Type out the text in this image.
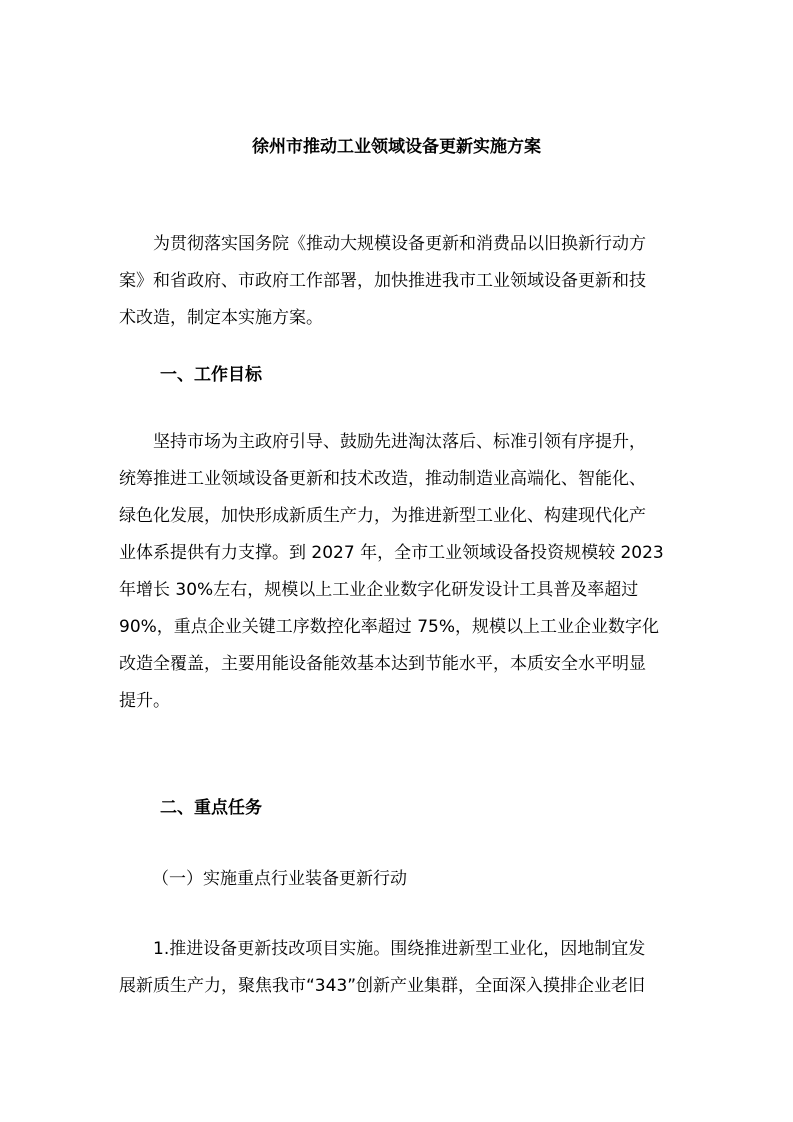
徐州市推动工业领域设备更新实施方案
为贯彻落实国务院《推动大规模设备更新和消费品以旧换新行动方
案》和省政府、市政府工作部署，加快推进我市工业领域设备更新和技
术改造，制定本实施方案。
一、工作目标
坚持市场为主政府引导、鼓励先进淘汰落后、标准引领有序提升，
统筹推进工业领域设备更新和技术改造，推动制造业高端化、智能化、
绿色化发展，加快形成新质生产力，为推进新型工业化、构建现代化产
业体系提供有力支撑。到 2027 年，全市工业领域设备投资规模较 2023
年增长 30%左右，规模以上工业企业数字化研发设计工具普及率超过
90%，重点企业关键工序数控化率超过 75%，规模以上工业企业数字化
改造全覆盖，主要用能设备能效基本达到节能水平，本质安全水平明显
提升。
二、重点任务
（一）实施重点行业装备更新行动
1.推进设备更新技改项目实施。围绕推进新型工业化，因地制宜发
展新质生产力，聚焦我市“343”创新产业集群，全面深入摸排企业老旧
